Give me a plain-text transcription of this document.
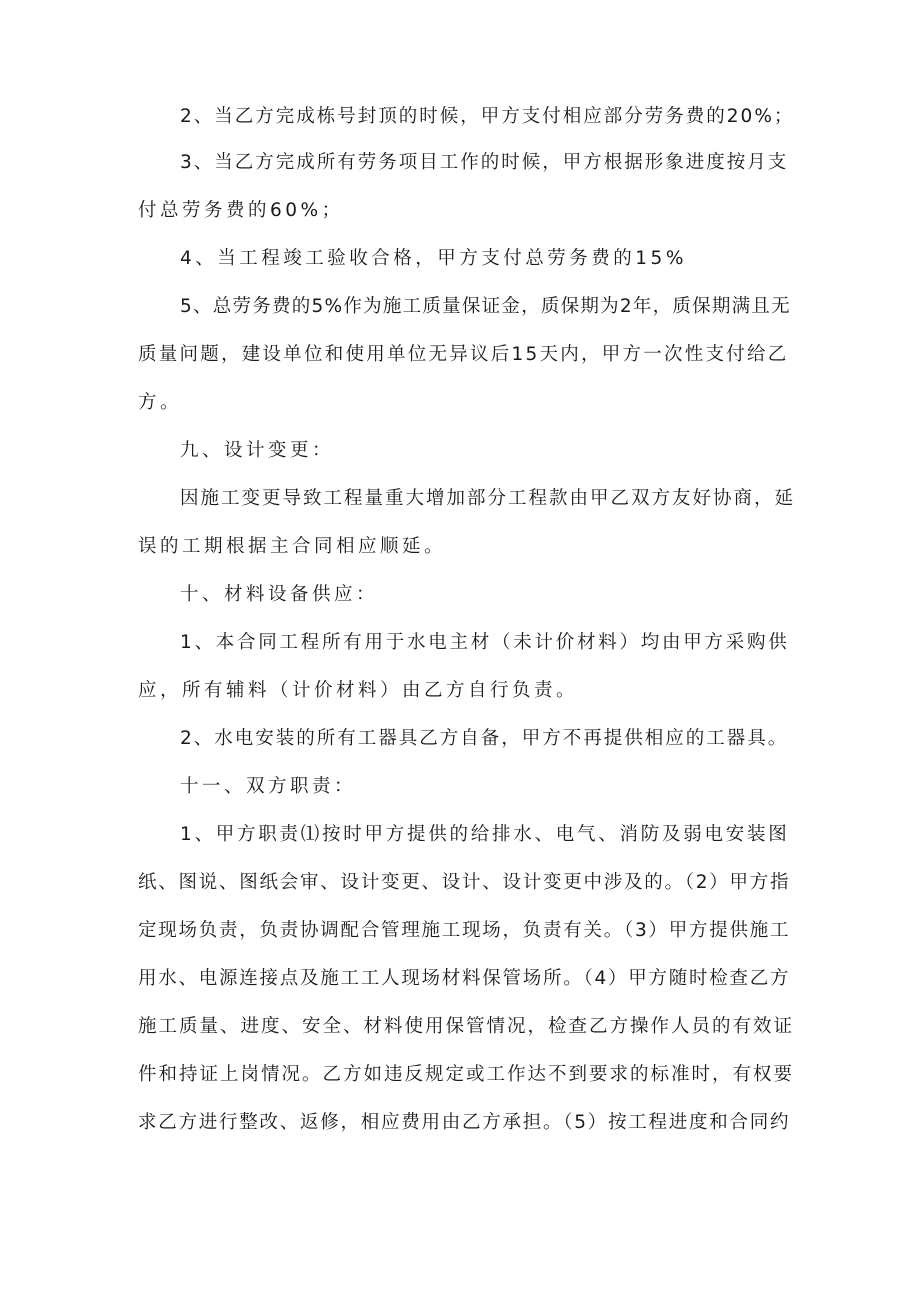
2、当乙方完成栋号封顶的时候，甲方支付相应部分劳务费的20%；
3、当乙方完成所有劳务项目工作的时候，甲方根据形象进度按月支
付总劳务费的60%；
4、当工程竣工验收合格，甲方支付总劳务费的15%
5、总劳务费的5%作为施工质量保证金，质保期为2年，质保期满且无
质量问题，建设单位和使用单位无异议后15天内，甲方一次性支付给乙
方。
九、设计变更：
因施工变更导致工程量重大增加部分工程款由甲乙双方友好协商，延
误的工期根据主合同相应顺延。
十、材料设备供应：
1、本合同工程所有用于水电主材（未计价材料）均由甲方采购供
应，所有辅料（计价材料）由乙方自行负责。
2、水电安装的所有工器具乙方自备，甲方不再提供相应的工器具。
十一、双方职责：
1、甲方职责⑴按时甲方提供的给排水、电气、消防及弱电安装图
纸、图说、图纸会审、设计变更、设计、设计变更中涉及的。（2）甲方指
定现场负责，负责协调配合管理施工现场，负责有关。（3）甲方提供施工
用水、电源连接点及施工工人现场材料保管场所。（4）甲方随时检查乙方
施工质量、进度、安全、材料使用保管情况，检查乙方操作人员的有效证
件和持证上岗情况。乙方如违反规定或工作达不到要求的标准时，有权要
求乙方进行整改、返修，相应费用由乙方承担。（5）按工程进度和合同约
